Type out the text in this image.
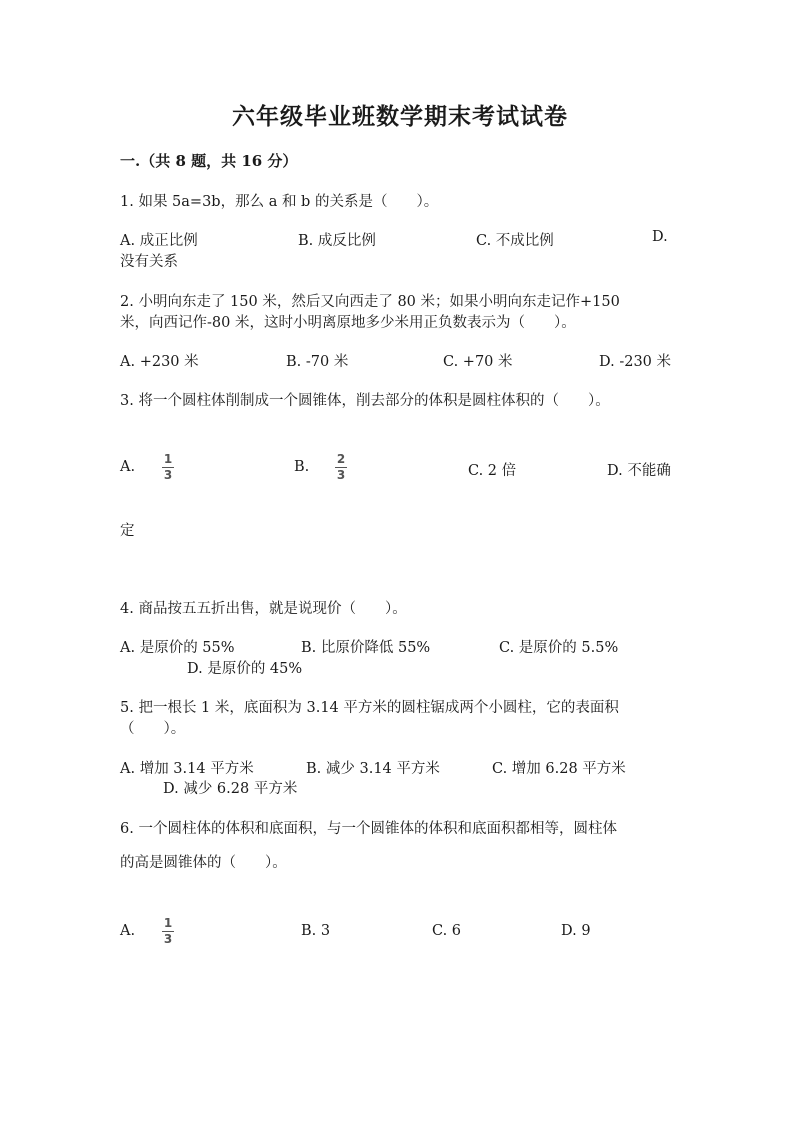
六年级毕业班数学期末考试试卷
一.（共 8 题，共 16 分）
1. 如果 5a=3b，那么 a 和 b 的关系是（　　）。
A. 成正比例	B. 成反比例	C. 不成比例	D.
没有关系
2. 小明向东走了 150 米，然后又向西走了 80 米；如果小明向东走记作+150
米，向西记作-80 米，这时小明离原地多少米用正负数表示为（　　）。
A. +230 米	B. -70 米	C. +70 米	D. -230 米
3. 将一个圆柱体削制成一个圆锥体，削去部分的体积是圆柱体积的（　　）。
A. 1
3	B. 2
3	C. 2 倍	D. 不能确
定
4. 商品按五五折出售，就是说现价（　　）。
A. 是原价的 55%	B. 比原价降低 55%	C. 是原价的 5.5%
D. 是原价的 45%
5. 把一根长 1 米，底面积为 3.14 平方米的圆柱锯成两个小圆柱，它的表面积
（　　）。
A. 增加 3.14 平方米	B. 减少 3.14 平方米	C. 增加 6.28 平方米
D. 减少 6.28 平方米
6. 一个圆柱体的体积和底面积，与一个圆锥体的体积和底面积都相等，圆柱体
的高是圆锥体的（　　）。
A. 1
3	B. 3	C. 6	D. 9
